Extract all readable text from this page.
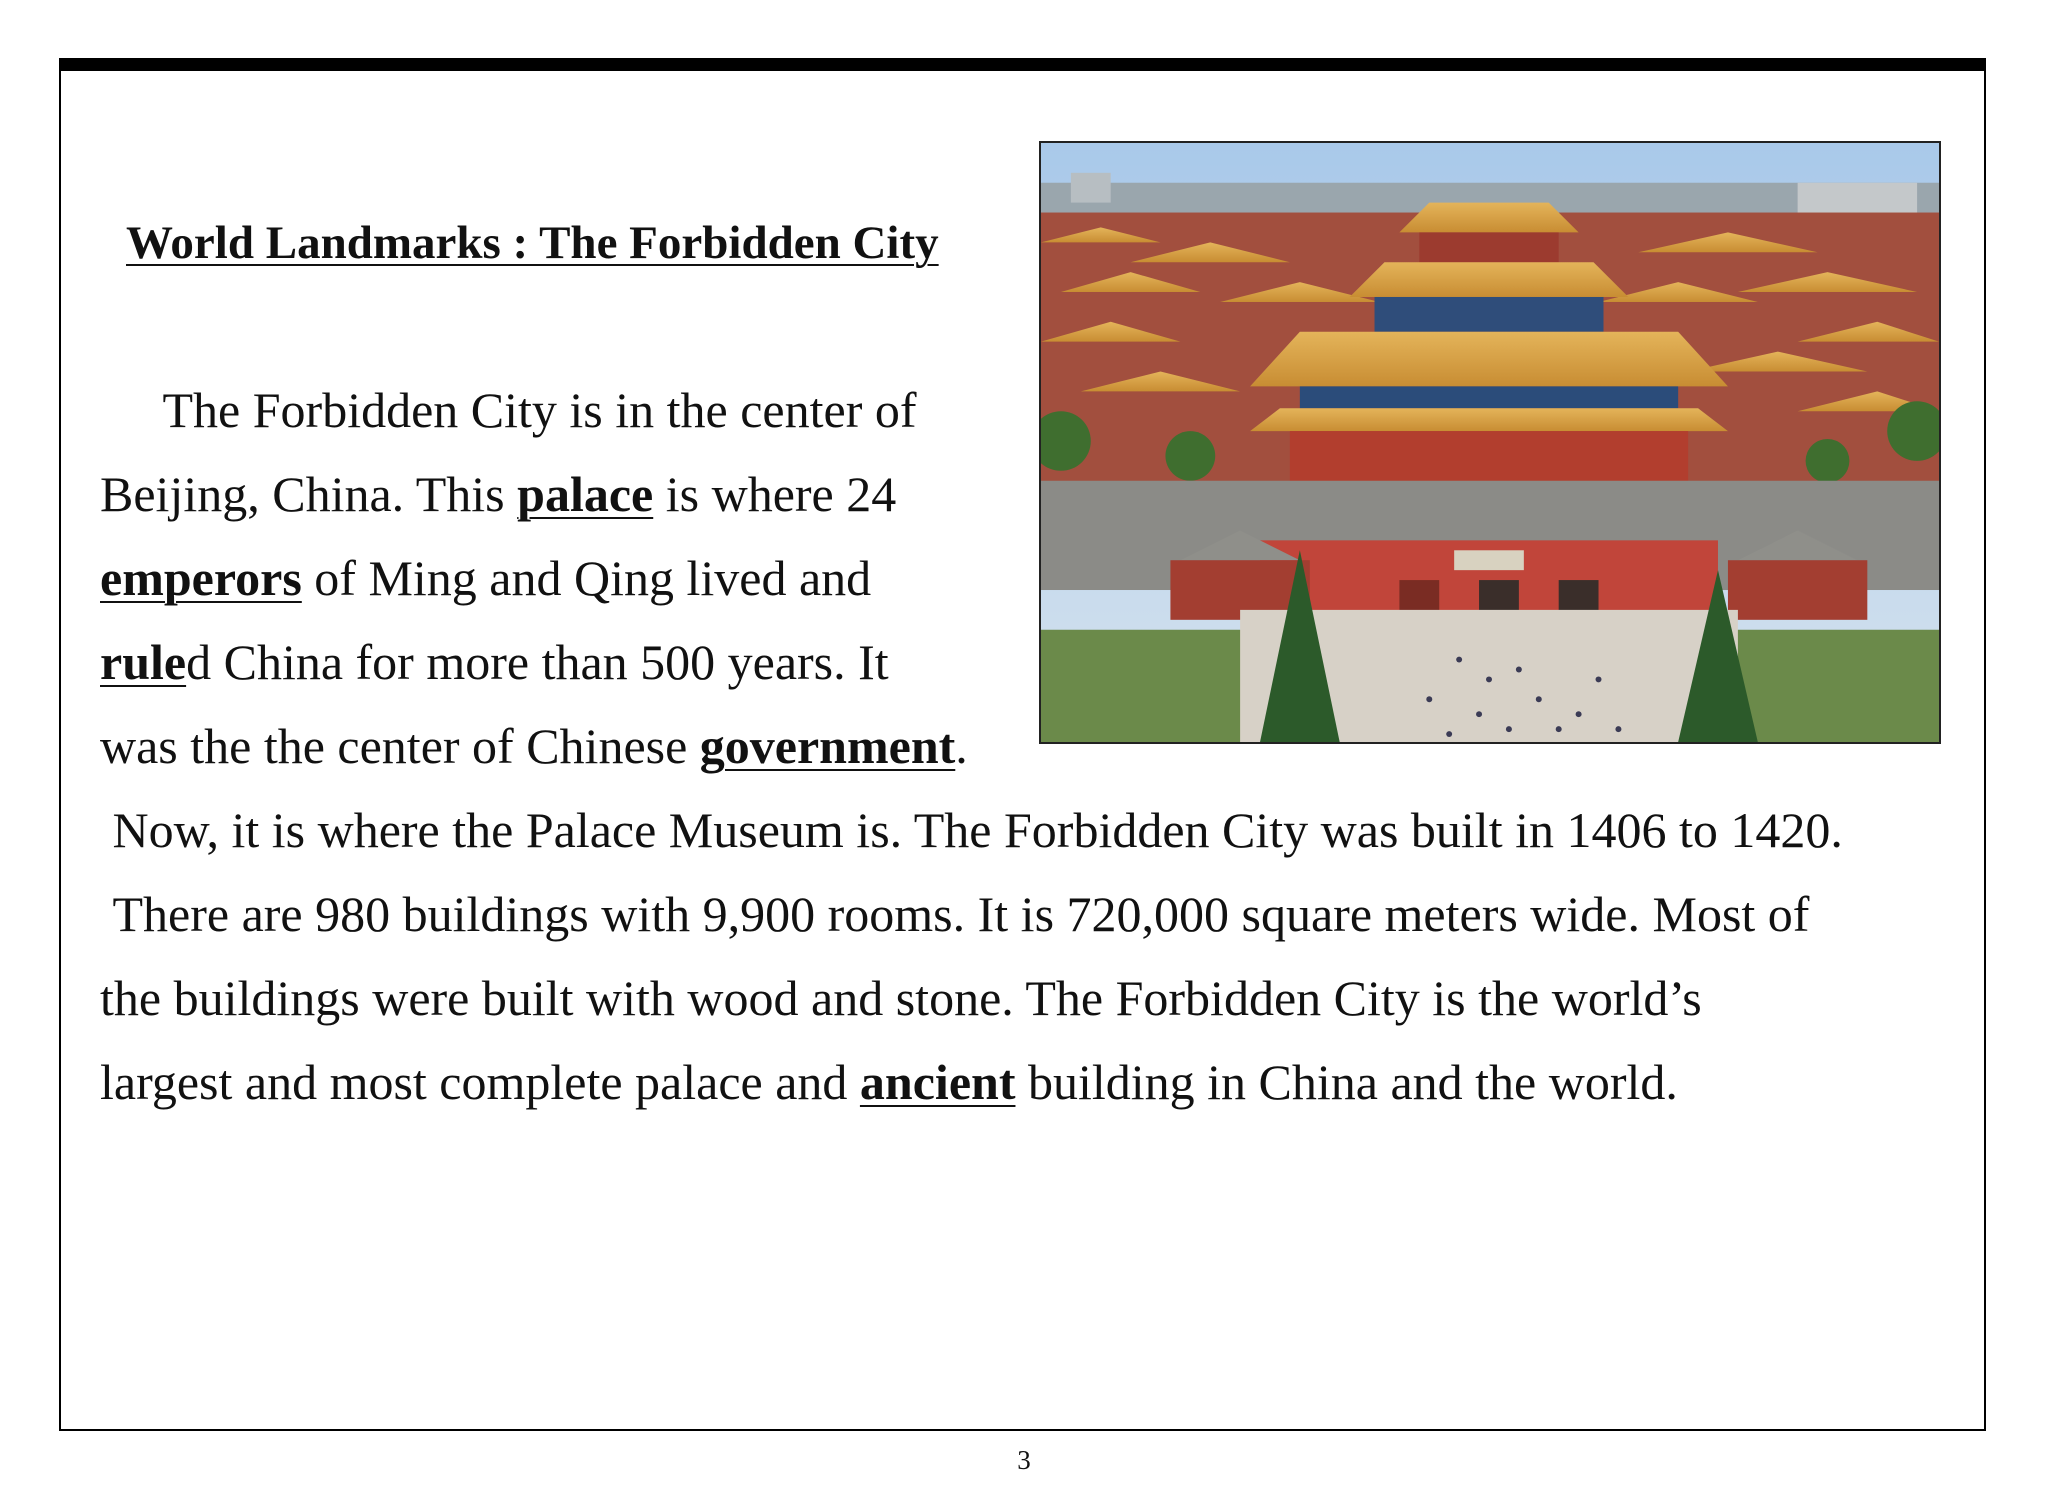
World Landmarks : The Forbidden City

The Forbidden City is in the center of

Beijing, China. This palace is where 24

emperors of Ming and Qing lived and

ruled China for more than 500 years. It

was the the center of Chinese government.

Now, it is where the Palace Museum is. The Forbidden City was built in 1406 to 1420.

There are 980 buildings with 9,900 rooms. It is 720,000 square meters wide. Most of

the buildings were built with wood and stone. The Forbidden City is the world’s

largest and most complete palace and ancient building in China and the world.

3
